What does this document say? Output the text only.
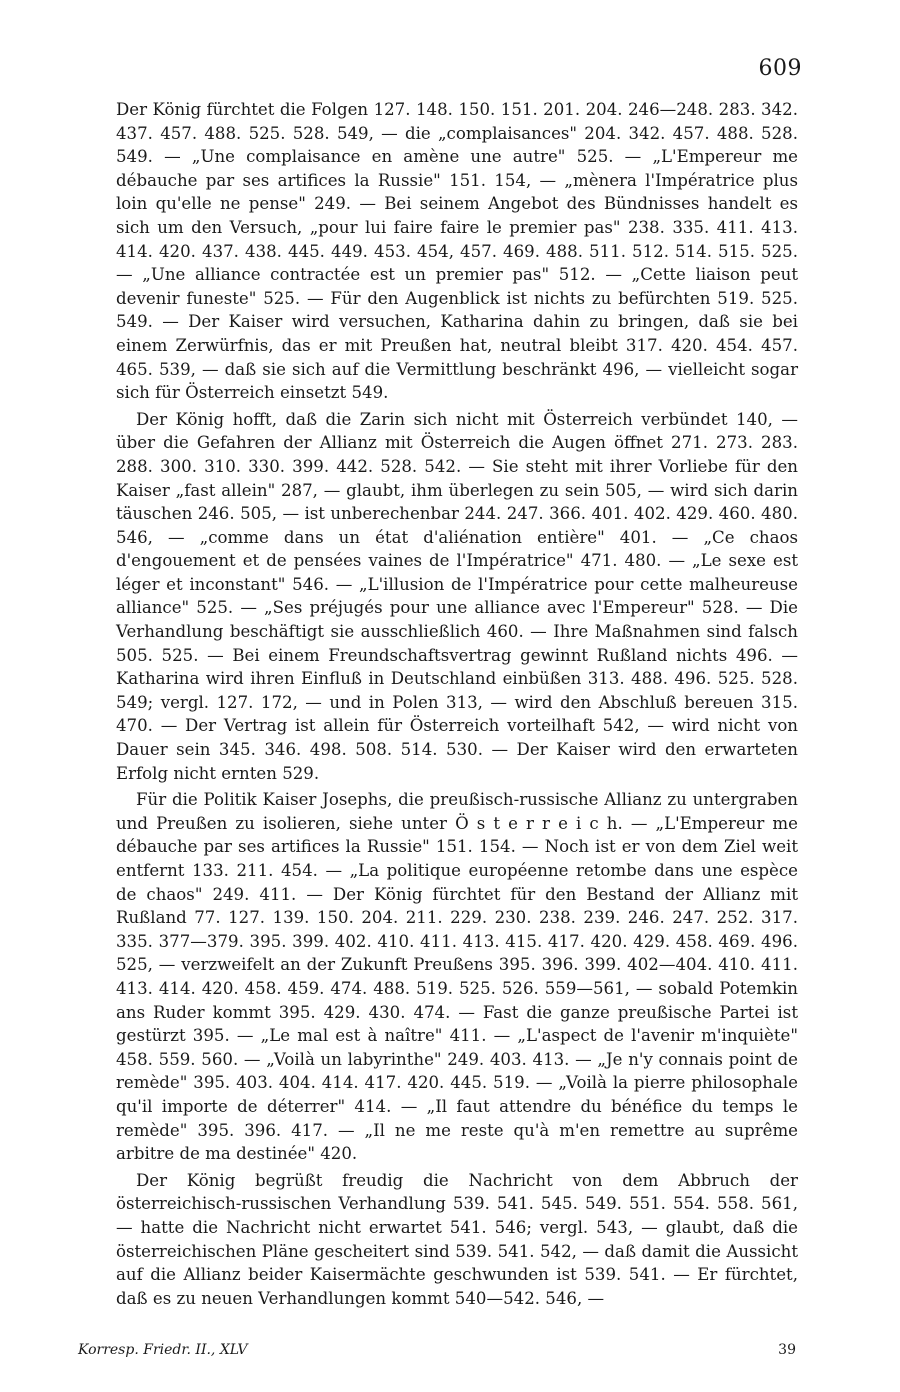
609

Der König fürchtet die Folgen 127. 148. 150. 151. 201. 204. 246—248. 283. 342. 437. 457. 488. 525. 528. 549, — die „complaisances" 204. 342. 457. 488. 528. 549. — „Une complaisance en amène une autre" 525. — „L'Empereur me débauche par ses artifices la Russie" 151. 154, — „mènera l'Impératrice plus loin qu'elle ne pense" 249. — Bei seinem Angebot des Bündnisses handelt es sich um den Versuch, „pour lui faire faire le premier pas" 238. 335. 411. 413. 414. 420. 437. 438. 445. 449. 453. 454, 457. 469. 488. 511. 512. 514. 515. 525. — „Une alliance contractée est un premier pas" 512. — „Cette liaison peut devenir funeste" 525. — Für den Augenblick ist nichts zu befürchten 519. 525. 549. — Der Kaiser wird versuchen, Katharina dahin zu bringen, daß sie bei einem Zerwürfnis, das er mit Preußen hat, neutral bleibt 317. 420. 454. 457. 465. 539, — daß sie sich auf die Vermittlung beschränkt 496, — vielleicht sogar sich für Österreich einsetzt 549.

Der König hofft, daß die Zarin sich nicht mit Österreich verbündet 140, — über die Gefahren der Allianz mit Österreich die Augen öffnet 271. 273. 283. 288. 300. 310. 330. 399. 442. 528. 542. — Sie steht mit ihrer Vorliebe für den Kaiser „fast allein" 287, — glaubt, ihm überlegen zu sein 505, — wird sich darin täuschen 246. 505, — ist unberechenbar 244. 247. 366. 401. 402. 429. 460. 480. 546, — „comme dans un état d'aliénation entière" 401. — „Ce chaos d'engouement et de pensées vaines de l'Impératrice" 471. 480. — „Le sexe est léger et inconstant" 546. — „L'illusion de l'Impératrice pour cette malheureuse alliance" 525. — „Ses préjugés pour une alliance avec l'Empereur" 528. — Die Verhandlung beschäftigt sie ausschließlich 460. — Ihre Maßnahmen sind falsch 505. 525. — Bei einem Freundschaftsvertrag gewinnt Rußland nichts 496. — Katharina wird ihren Einfluß in Deutschland einbüßen 313. 488. 496. 525. 528. 549; vergl. 127. 172, — und in Polen 313, — wird den Abschluß bereuen 315. 470. — Der Vertrag ist allein für Österreich vorteilhaft 542, — wird nicht von Dauer sein 345. 346. 498. 508. 514. 530. — Der Kaiser wird den erwarteten Erfolg nicht ernten 529.

Für die Politik Kaiser Josephs, die preußisch-russische Allianz zu untergraben und Preußen zu isolieren, siehe unter Ö s t e r r e i c h. — „L'Empereur me débauche par ses artifices la Russie" 151. 154. — Noch ist er von dem Ziel weit entfernt 133. 211. 454. — „La politique européenne retombe dans une espèce de chaos" 249. 411. — Der König fürchtet für den Bestand der Allianz mit Rußland 77. 127. 139. 150. 204. 211. 229. 230. 238. 239. 246. 247. 252. 317. 335. 377—379. 395. 399. 402. 410. 411. 413. 415. 417. 420. 429. 458. 469. 496. 525, — verzweifelt an der Zukunft Preußens 395. 396. 399. 402—404. 410. 411. 413. 414. 420. 458. 459. 474. 488. 519. 525. 526. 559—561, — sobald Potemkin ans Ruder kommt 395. 429. 430. 474. — Fast die ganze preußische Partei ist gestürzt 395. — „Le mal est à naître" 411. — „L'aspect de l'avenir m'inquiète" 458. 559. 560. — „Voilà un labyrinthe" 249. 403. 413. — „Je n'y connais point de remède" 395. 403. 404. 414. 417. 420. 445. 519. — „Voilà la pierre philosophale qu'il importe de déterrer" 414. — „Il faut attendre du bénéfice du temps le remède" 395. 396. 417. — „Il ne me reste qu'à m'en remettre au suprême arbitre de ma destinée" 420.

Der König begrüßt freudig die Nachricht von dem Abbruch der österreichisch-russischen Verhandlung 539. 541. 545. 549. 551. 554. 558. 561, — hatte die Nachricht nicht erwartet 541. 546; vergl. 543, — glaubt, daß die österreichischen Pläne gescheitert sind 539. 541. 542, — daß damit die Aussicht auf die Allianz beider Kaisermächte geschwunden ist 539. 541. — Er fürchtet, daß es zu neuen Verhandlungen kommt 540—542. 546, —

Korresp. Friedr. II., XLV	39
